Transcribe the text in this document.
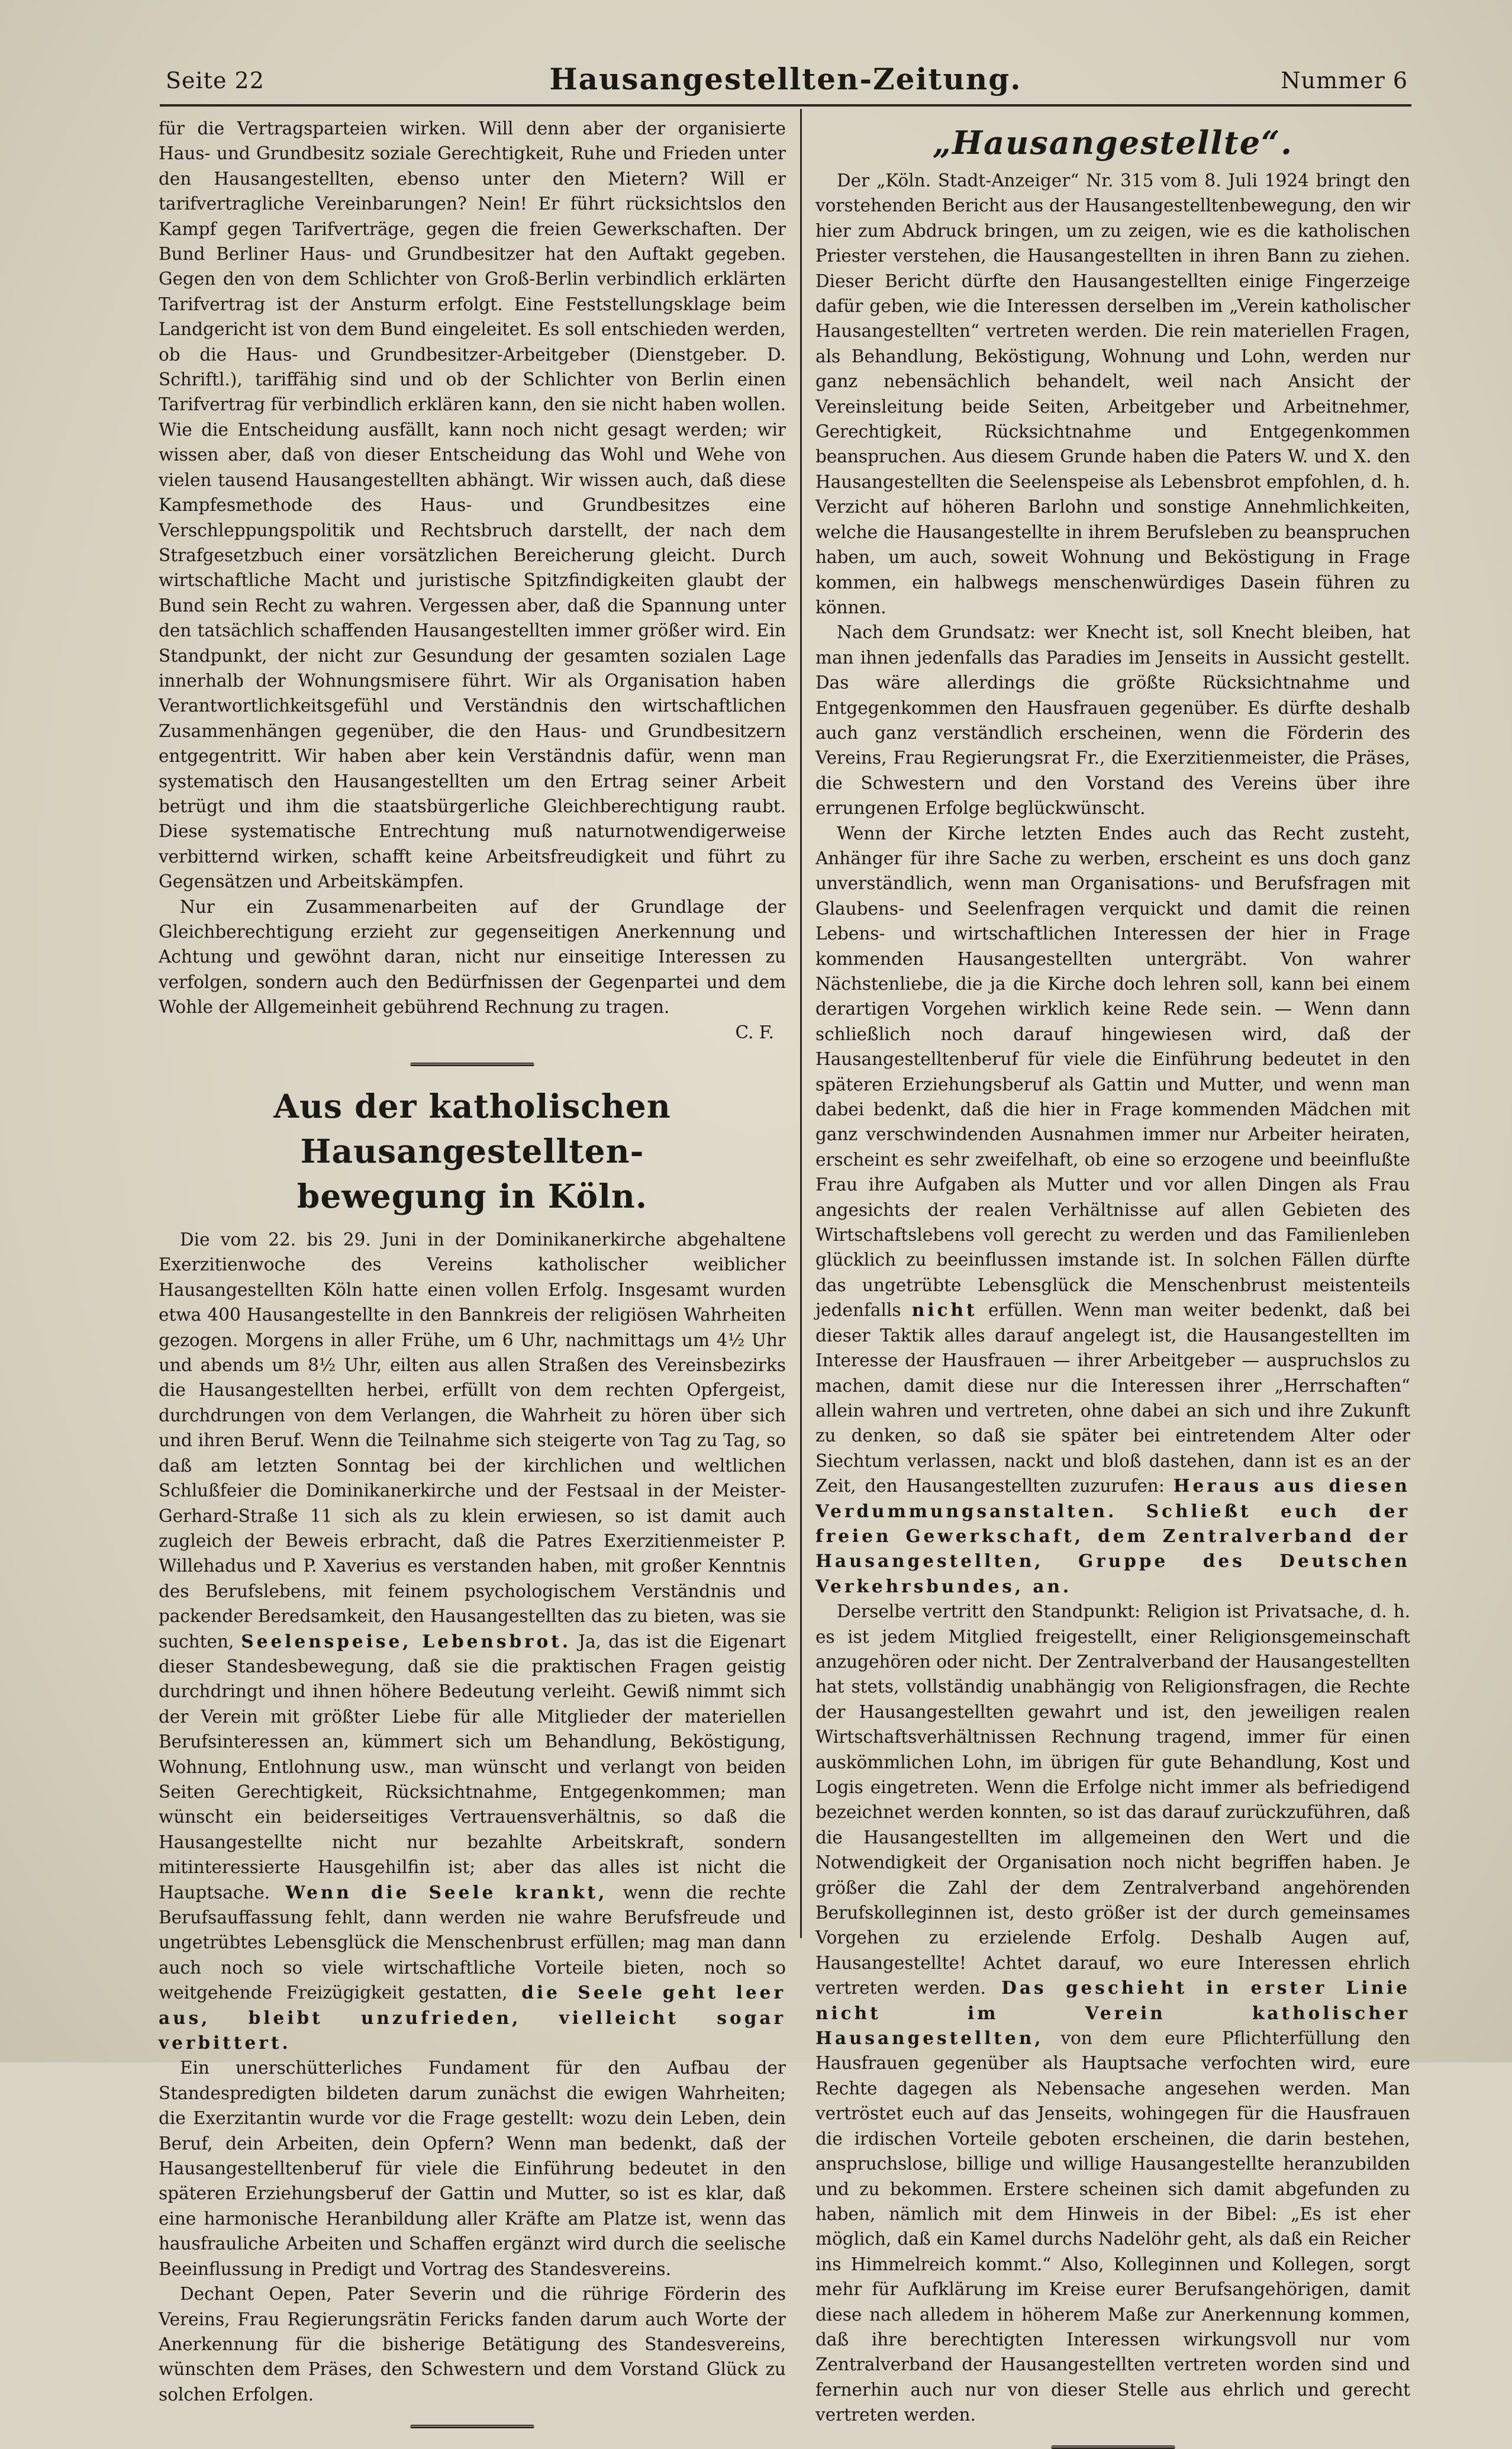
Seite 22	Hausangestellten-Zeitung.	Nummer 6

für die Vertragsparteien wirken. Will denn aber der organisierte Haus- und Grundbesitz soziale Gerechtigkeit, Ruhe und Frieden unter den Hausangestellten, ebenso unter den Mietern? Will er tarifvertragliche Vereinbarungen? Nein! Er führt rücksichtslos den Kampf gegen Tarifverträge, gegen die freien Gewerkschaften. Der Bund Berliner Haus- und Grundbesitzer hat den Auftakt gegeben. Gegen den von dem Schlichter von Groß-Berlin verbindlich erklärten Tarifvertrag ist der Ansturm erfolgt. Eine Feststellungsklage beim Landgericht ist von dem Bund eingeleitet. Es soll entschieden werden, ob die Haus- und Grundbesitzer-Arbeitgeber (Dienstgeber. D. Schriftl.), tariffähig sind und ob der Schlichter von Berlin einen Tarifvertrag für verbindlich erklären kann, den sie nicht haben wollen. Wie die Entscheidung ausfällt, kann noch nicht gesagt werden; wir wissen aber, daß von dieser Entscheidung das Wohl und Wehe von vielen tausend Hausangestellten abhängt. Wir wissen auch, daß diese Kampfesmethode des Haus- und Grundbesitzes eine Verschleppungspolitik und Rechtsbruch darstellt, der nach dem Strafgesetzbuch einer vorsätzlichen Bereicherung gleicht. Durch wirtschaftliche Macht und juristische Spitzfindigkeiten glaubt der Bund sein Recht zu wahren. Vergessen aber, daß die Spannung unter den tatsächlich schaffenden Hausangestellten immer größer wird. Ein Standpunkt, der nicht zur Gesundung der gesamten sozialen Lage innerhalb der Wohnungsmisere führt. Wir als Organisation haben Verantwortlichkeitsgefühl und Verständnis den wirtschaftlichen Zusammenhängen gegenüber, die den Haus- und Grundbesitzern entgegentritt. Wir haben aber kein Verständnis dafür, wenn man systematisch den Hausangestellten um den Ertrag seiner Arbeit betrügt und ihm die staatsbürgerliche Gleichberechtigung raubt. Diese systematische Entrechtung muß naturnotwendigerweise verbitternd wirken, schafft keine Arbeitsfreudigkeit und führt zu Gegensätzen und Arbeitskämpfen.

Nur ein Zusammenarbeiten auf der Grundlage der Gleichberechtigung erzieht zur gegenseitigen Anerkennung und Achtung und gewöhnt daran, nicht nur einseitige Interessen zu verfolgen, sondern auch den Bedürfnissen der Gegenpartei und dem Wohle der Allgemeinheit gebührend Rechnung zu tragen.
C. F.

Aus der katholischen Hausangestellten-
bewegung in Köln.

Die vom 22. bis 29. Juni in der Dominikanerkirche abgehaltene Exerzitienwoche des Vereins katholischer weiblicher Hausangestellten Köln hatte einen vollen Erfolg. Insgesamt wurden etwa 400 Hausangestellte in den Bannkreis der religiösen Wahrheiten gezogen. Morgens in aller Frühe, um 6 Uhr, nachmittags um 4½ Uhr und abends um 8½ Uhr, eilten aus allen Straßen des Vereinsbezirks die Hausangestellten herbei, erfüllt von dem rechten Opfergeist, durchdrungen von dem Verlangen, die Wahrheit zu hören über sich und ihren Beruf. Wenn die Teilnahme sich steigerte von Tag zu Tag, so daß am letzten Sonntag bei der kirchlichen und weltlichen Schlußfeier die Dominikanerkirche und der Festsaal in der Meister-Gerhard-Straße 11 sich als zu klein erwiesen, so ist damit auch zugleich der Beweis erbracht, daß die Patres Exerzitienmeister P. Willehadus und P. Xaverius es verstanden haben, mit großer Kenntnis des Berufslebens, mit feinem psychologischem Verständnis und packender Beredsamkeit, den Hausangestellten das zu bieten, was sie suchten, Seelenspeise, Lebensbrot. Ja, das ist die Eigenart dieser Standesbewegung, daß sie die praktischen Fragen geistig durchdringt und ihnen höhere Bedeutung verleiht. Gewiß nimmt sich der Verein mit größter Liebe für alle Mitglieder der materiellen Berufsinteressen an, kümmert sich um Behandlung, Beköstigung, Wohnung, Entlohnung usw., man wünscht und verlangt von beiden Seiten Gerechtigkeit, Rücksichtnahme, Entgegenkommen; man wünscht ein beiderseitiges Vertrauensverhältnis, so daß die Hausangestellte nicht nur bezahlte Arbeitskraft, sondern mitinteressierte Hausgehilfin ist; aber das alles ist nicht die Hauptsache. Wenn die Seele krankt, wenn die rechte Berufsauffassung fehlt, dann werden nie wahre Berufsfreude und ungetrübtes Lebensglück die Menschenbrust erfüllen; mag man dann auch noch so viele wirtschaftliche Vorteile bieten, noch so weitgehende Freizügigkeit gestatten, die Seele geht leer aus, bleibt unzufrieden, vielleicht sogar verbittert.

Ein unerschütterliches Fundament für den Aufbau der Standespredigten bildeten darum zunächst die ewigen Wahrheiten; die Exerzitantin wurde vor die Frage gestellt: wozu dein Leben, dein Beruf, dein Arbeiten, dein Opfern? Wenn man bedenkt, daß der Hausangestelltenberuf für viele die Einführung bedeutet in den späteren Erziehungsberuf der Gattin und Mutter, so ist es klar, daß eine harmonische Heranbildung aller Kräfte am Platze ist, wenn das hausfrauliche Arbeiten und Schaffen ergänzt wird durch die seelische Beeinflussung in Predigt und Vortrag des Standesvereins.

Dechant Oepen, Pater Severin und die rührige Förderin des Vereins, Frau Regierungsrätin Fericks fanden darum auch Worte der Anerkennung für die bisherige Betätigung des Standesvereins, wünschten dem Präses, den Schwestern und dem Vorstand Glück zu solchen Erfolgen.

„Hausangestellte“.

Der „Köln. Stadt-Anzeiger“ Nr. 315 vom 8. Juli 1924 bringt den vorstehenden Bericht aus der Hausangestelltenbewegung, den wir hier zum Abdruck bringen, um zu zeigen, wie es die katholischen Priester verstehen, die Hausangestellten in ihren Bann zu ziehen. Dieser Bericht dürfte den Hausangestellten einige Fingerzeige dafür geben, wie die Interessen derselben im „Verein katholischer Hausangestellten“ vertreten werden. Die rein materiellen Fragen, als Behandlung, Beköstigung, Wohnung und Lohn, werden nur ganz nebensächlich behandelt, weil nach Ansicht der Vereinsleitung beide Seiten, Arbeitgeber und Arbeitnehmer, Gerechtigkeit, Rücksichtnahme und Entgegenkommen beanspruchen. Aus diesem Grunde haben die Paters W. und X. den Hausangestellten die Seelenspeise als Lebensbrot empfohlen, d. h. Verzicht auf höheren Barlohn und sonstige Annehmlichkeiten, welche die Hausangestellte in ihrem Berufsleben zu beanspruchen haben, um auch, soweit Wohnung und Beköstigung in Frage kommen, ein halbwegs menschenwürdiges Dasein führen zu können.

Nach dem Grundsatz: wer Knecht ist, soll Knecht bleiben, hat man ihnen jedenfalls das Paradies im Jenseits in Aussicht gestellt. Das wäre allerdings die größte Rücksichtnahme und Entgegenkommen den Hausfrauen gegenüber. Es dürfte deshalb auch ganz verständlich erscheinen, wenn die Förderin des Vereins, Frau Regierungsrat Fr., die Exerzitienmeister, die Präses, die Schwestern und den Vorstand des Vereins über ihre errungenen Erfolge beglückwünscht.

Wenn der Kirche letzten Endes auch das Recht zusteht, Anhänger für ihre Sache zu werben, erscheint es uns doch ganz unverständlich, wenn man Organisations- und Berufsfragen mit Glaubens- und Seelenfragen verquickt und damit die reinen Lebens- und wirtschaftlichen Interessen der hier in Frage kommenden Hausangestellten untergräbt. Von wahrer Nächstenliebe, die ja die Kirche doch lehren soll, kann bei einem derartigen Vorgehen wirklich keine Rede sein. — Wenn dann schließlich noch darauf hingewiesen wird, daß der Hausangestelltenberuf für viele die Einführung bedeutet in den späteren Erziehungsberuf als Gattin und Mutter, und wenn man dabei bedenkt, daß die hier in Frage kommenden Mädchen mit ganz verschwindenden Ausnahmen immer nur Arbeiter heiraten, erscheint es sehr zweifelhaft, ob eine so erzogene und beeinflußte Frau ihre Aufgaben als Mutter und vor allen Dingen als Frau angesichts der realen Verhältnisse auf allen Gebieten des Wirtschaftslebens voll gerecht zu werden und das Familienleben glücklich zu beeinflussen imstande ist. In solchen Fällen dürfte das ungetrübte Lebensglück die Menschenbrust meistenteils jedenfalls nicht erfüllen. Wenn man weiter bedenkt, daß bei dieser Taktik alles darauf angelegt ist, die Hausangestellten im Interesse der Hausfrauen — ihrer Arbeitgeber — auspruchslos zu machen, damit diese nur die Interessen ihrer „Herrschaften“ allein wahren und vertreten, ohne dabei an sich und ihre Zukunft zu denken, so daß sie später bei eintretendem Alter oder Siechtum verlassen, nackt und bloß dastehen, dann ist es an der Zeit, den Hausangestellten zuzurufen: Heraus aus diesen Verdummungsanstalten. Schließt euch der freien Gewerkschaft, dem Zentralverband der Hausangestellten, Gruppe des Deutschen Verkehrsbundes, an.

Derselbe vertritt den Standpunkt: Religion ist Privatsache, d. h. es ist jedem Mitglied freigestellt, einer Religionsgemeinschaft anzugehören oder nicht. Der Zentralverband der Hausangestellten hat stets, vollständig unabhängig von Religionsfragen, die Rechte der Hausangestellten gewahrt und ist, den jeweiligen realen Wirtschaftsverhältnissen Rechnung tragend, immer für einen auskömmlichen Lohn, im übrigen für gute Behandlung, Kost und Logis eingetreten. Wenn die Erfolge nicht immer als befriedigend bezeichnet werden konnten, so ist das darauf zurückzuführen, daß die Hausangestellten im allgemeinen den Wert und die Notwendigkeit der Organisation noch nicht begriffen haben. Je größer die Zahl der dem Zentralverband angehörenden Berufskolleginnen ist, desto größer ist der durch gemeinsames Vorgehen zu erzielende Erfolg. Deshalb Augen auf, Hausangestellte! Achtet darauf, wo eure Interessen ehrlich vertreten werden. Das geschieht in erster Linie nicht im Verein katholischer Hausangestellten, von dem eure Pflichterfüllung den Hausfrauen gegenüber als Hauptsache verfochten wird, eure Rechte dagegen als Nebensache angesehen werden. Man vertröstet euch auf das Jenseits, wohingegen für die Hausfrauen die irdischen Vorteile geboten erscheinen, die darin bestehen, anspruchslose, billige und willige Hausangestellte heranzubilden und zu bekommen. Erstere scheinen sich damit abgefunden zu haben, nämlich mit dem Hinweis in der Bibel: „Es ist eher möglich, daß ein Kamel durchs Nadelöhr geht, als daß ein Reicher ins Himmelreich kommt.“ Also, Kolleginnen und Kollegen, sorgt mehr für Aufklärung im Kreise eurer Berufsangehörigen, damit diese nach alledem in höherem Maße zur Anerkennung kommen, daß ihre berechtigten Interessen wirkungsvoll nur vom Zentralverband der Hausangestellten vertreten worden sind und fernerhin auch nur von dieser Stelle aus ehrlich und gerecht vertreten werden.
